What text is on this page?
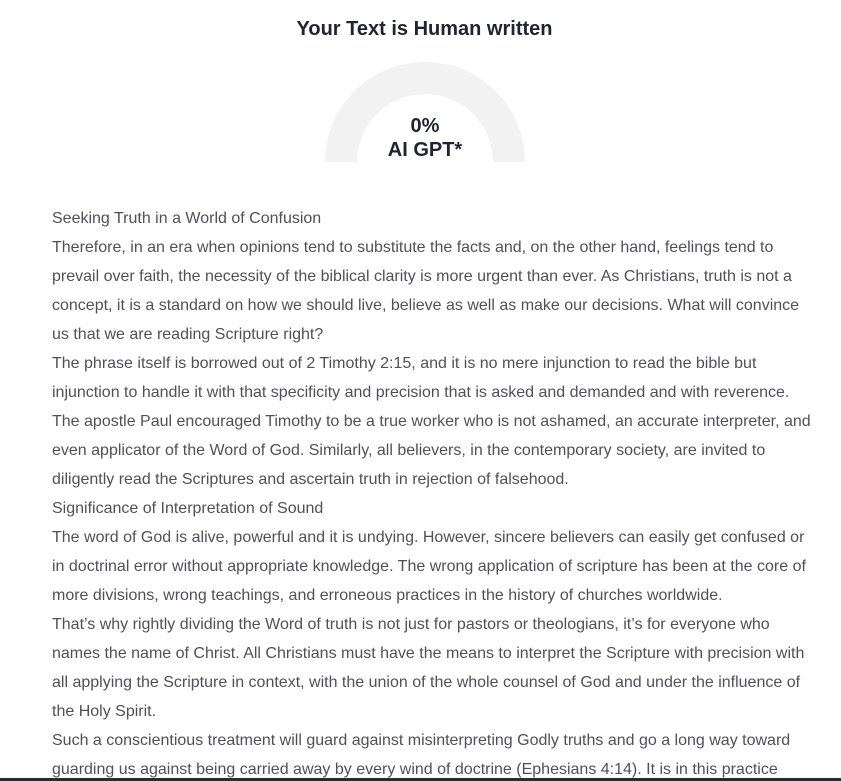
Your Text is Human written
0%
AI GPT*

Seeking Truth in a World of Confusion

Therefore, in an era when opinions tend to substitute the facts and, on the other hand, feelings tend to prevail over faith, the necessity of the biblical clarity is more urgent than ever. As Christians, truth is not a concept, it is a standard on how we should live, believe as well as make our decisions. What will convince us that we are reading Scripture right?

The phrase itself is borrowed out of 2 Timothy 2:15, and it is no mere injunction to read the bible but injunction to handle it with that specificity and precision that is asked and demanded and with reverence. The apostle Paul encouraged Timothy to be a true worker who is not ashamed, an accurate interpreter, and even applicator of the Word of God. Similarly, all believers, in the contemporary society, are invited to diligently read the Scriptures and ascertain truth in rejection of falsehood.

Significance of Interpretation of Sound

The word of God is alive, powerful and it is undying. However, sincere believers can easily get confused or in doctrinal error without appropriate knowledge. The wrong application of scripture has been at the core of more divisions, wrong teachings, and erroneous practices in the history of churches worldwide.

That’s why rightly dividing the Word of truth is not just for pastors or theologians, it’s for everyone who names the name of Christ. All Christians must have the means to interpret the Scripture with precision with all applying the Scripture in context, with the union of the whole counsel of God and under the influence of the Holy Spirit.

Such a conscientious treatment will guard against misinterpreting Godly truths and go a long way toward guarding us against being carried away by every wind of doctrine (Ephesians 4:14). It is in this practice
